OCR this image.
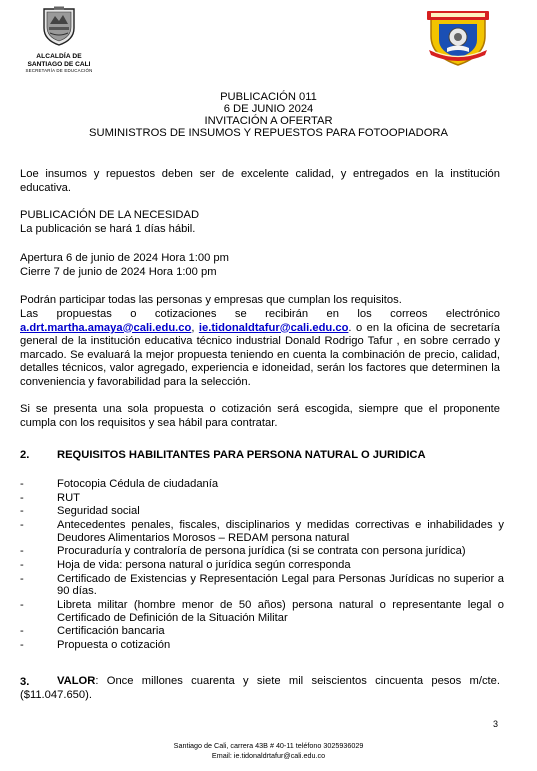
ALCALDÍA DE
SANTIAGO DE CALI
SECRETARÍA DE EDUCACIÓN
PUBLICACIÓN 011
6 DE JUNIO 2024
INVITACIÓN A OFERTAR
SUMINISTROS DE INSUMOS Y REPUESTOS PARA FOTOOPIADORA
Loe insumos y repuestos deben ser de excelente calidad, y entregados en la institución educativa.
PUBLICACIÓN DE LA NECESIDAD
La publicación se hará 1 días hábil.
Apertura 6 de junio de 2024 Hora 1:00 pm
Cierre 7 de junio de 2024 Hora 1:00 pm
Podrán participar todas las personas y empresas que cumplan los requisitos.
Las propuestas o cotizaciones se recibirán en los correos electrónico a.drt.martha.amaya@cali.edu.co, ie.tidonaldtafur@cali.edu.co. o en la oficina de secretaría general de la institución educativa técnico industrial Donald Rodrigo Tafur , en sobre cerrado y marcado. Se evaluará la mejor propuesta teniendo en cuenta la combinación de precio, calidad, detalles técnicos, valor agregado, experiencia e idoneidad, serán los factores que determinen la conveniencia y favorabilidad para la selección.
Si se presenta una sola propuesta o cotización será escogida, siempre que el proponente cumpla con los requisitos y sea hábil para contratar.
2. REQUISITOS HABILITANTES PARA PERSONA NATURAL O JURIDICA
-	Fotocopia Cédula de ciudadanía
-	RUT
-	Seguridad social
-	Antecedentes penales, fiscales, disciplinarios y medidas correctivas e inhabilidades y Deudores Alimentarios Morosos – REDAM persona natural
-	Procuraduría y contraloría de persona jurídica (si se contrata con persona jurídica)
-	Hoja de vida: persona natural o jurídica según corresponda
-	Certificado de Existencias y Representación Legal para Personas Jurídicas no superior a 90 días.
-	Libreta militar (hombre menor de 50 años) persona natural o representante legal o Certificado de Definición de la Situación Militar
-	Certificación bancaria
-	Propuesta o cotización
3.	VALOR: Once millones cuarenta y siete mil seiscientos cincuenta pesos m/cte. ($11.047.650).
3
Santiago de Cali, carrera 43B # 40-11 teléfono 3025936029
Email: ie.tidonaldrtafur@cali.edu.co
